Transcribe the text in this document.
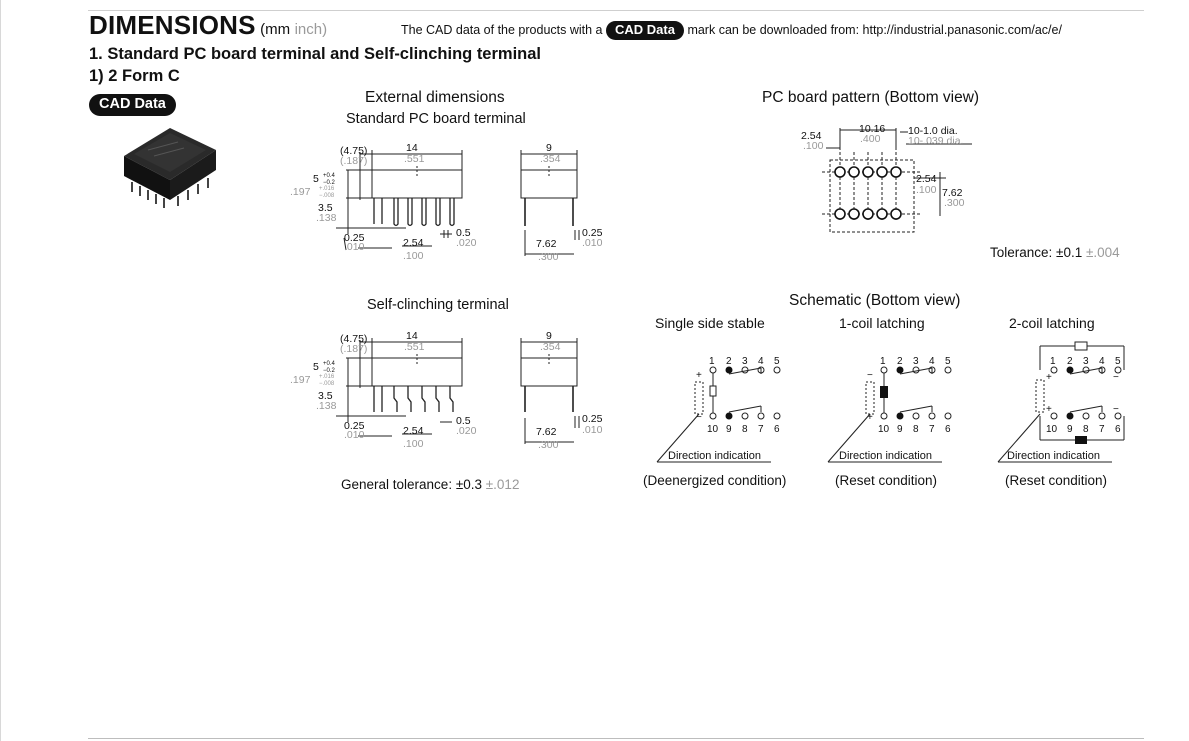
DIMENSIONS (mm inch)	The CAD data of the products with a CAD Data mark can be downloaded from: http://industrial.panasonic.com/ac/e/
1. Standard PC board terminal and Self-clinching terminal
1) 2 Form C
CAD Data	External dimensions
Standard PC board terminal
(4.75)
(.187)
14
.551
5 +0.4
−0.2
.197 +.016
−.008
3.5
.138
0.25
.010	2.54
.100
0.5
.020
9
.354
7.62
.300
0.25
.010
Self-clinching terminal
(4.75)
(.187)
14
.551
5 +0.4
−0.2
.197 +.016
−.008
3.5
.138
0.25
.010	2.54
.100
0.5
.020
9
.354
7.62
.300
0.25
.010
General tolerance: ±0.3 ±.012
PC board pattern (Bottom view)
2.54
.100
10.16
.400
10-1.0 dia.
10-.039 dia.
2.54
.100 7.62
.300
Tolerance: ±0.1 ±.004
Schematic (Bottom view)
Single side stable	1-coil latching	2-coil latching
1 2 3 4 5
10 9 8 7 6
+
−
Direction indication
(Deenergized condition)
1 2 3 4 5
10 9 8 7 6
−
+
Direction indication
(Reset condition)
1 2 3 4 5
10 9 8 7 6
+
+
−
−
Direction indication
(Reset condition)
